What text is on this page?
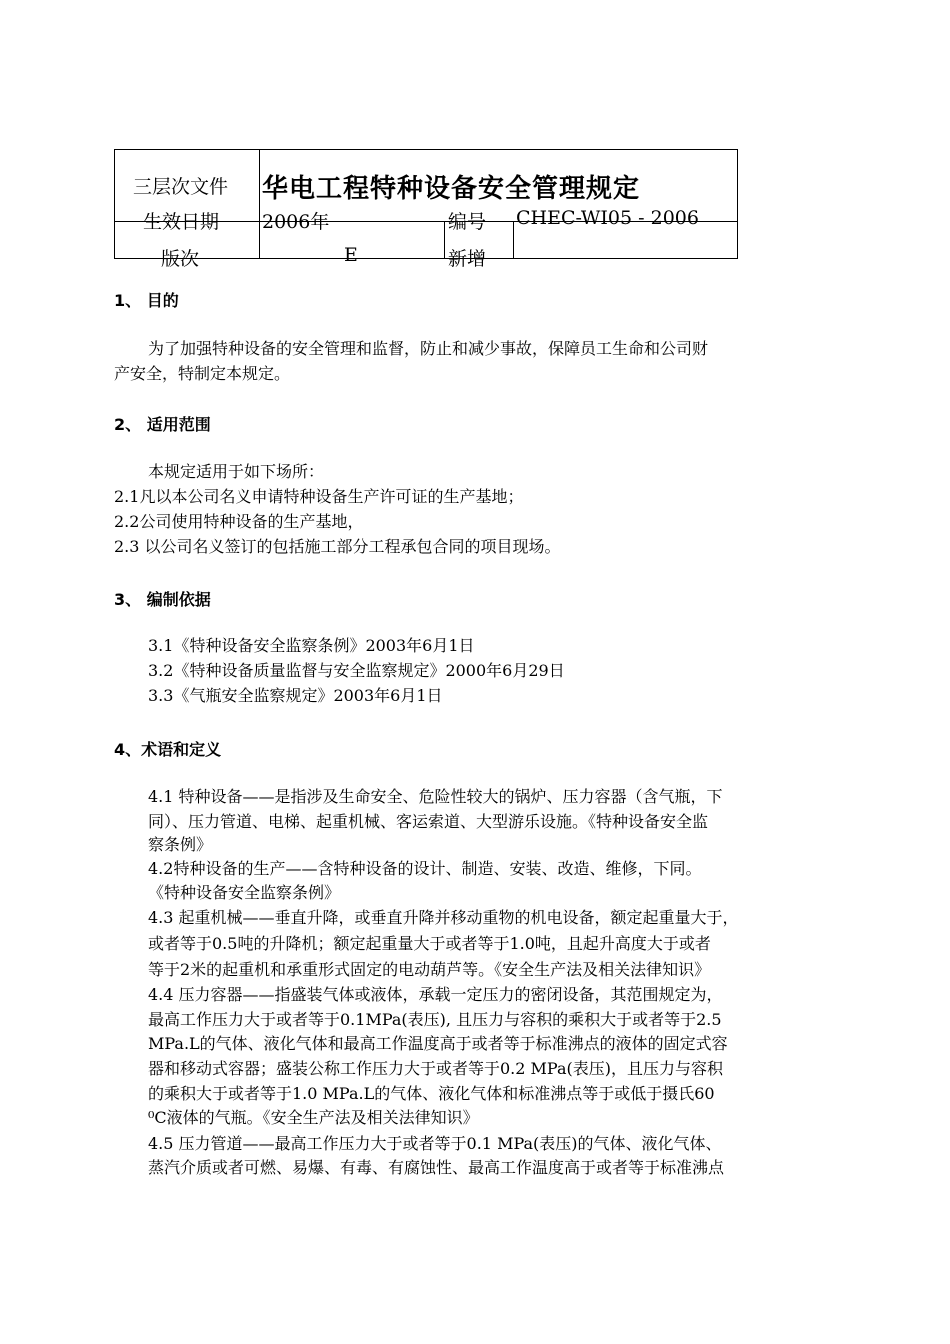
三层次文件 华电工程特种设备安全管理规定
生效日期 2006年	编号 CHEC-WI05 - 2006
版次	E	新增
1、 目的
为了加强特种设备的安全管理和监督，防止和减少事故，保障员工生命和公司财
产安全，特制定本规定。
2、 适用范围
本规定适用于如下场所：
2.1凡以本公司名义申请特种设备生产许可证的生产基地；
2.2公司使用特种设备的生产基地，
2.3 以公司名义签订的包括施工部分工程承包合同的项目现场。
3、 编制依据
3.1《特种设备安全监察条例》2003年6月1日
3.2《特种设备质量监督与安全监察规定》2000年6月29日
3.3《气瓶安全监察规定》2003年6月1日
4、术语和定义
4.1 特种设备——是指涉及生命安全、危险性较大的锅炉、压力容器（含气瓶，下
同）、压力管道、电梯、起重机械、客运索道、大型游乐设施。《特种设备安全监
察条例》
4.2特种设备的生产——含特种设备的设计、制造、安装、改造、维修，下同。
《特种设备安全监察条例》
4.3 起重机械——垂直升降，或垂直升降并移动重物的机电设备，额定起重量大于，
或者等于0.5吨的升降机；额定起重量大于或者等于1.0吨，且起升高度大于或者
等于2米的起重机和承重形式固定的电动葫芦等。《安全生产法及相关法律知识》
4.4 压力容器——指盛装气体或液体，承载一定压力的密闭设备，其范围规定为，
最高工作压力大于或者等于0.1MPa(表压), 且压力与容积的乘积大于或者等于2.5
MPa.L的气体、液化气体和最高工作温度高于或者等于标准沸点的液体的固定式容
器和移动式容器；盛装公称工作压力大于或者等于0.2 MPa(表压)，且压力与容积
的乘积大于或者等于1.0 MPa.L的气体、液化气体和标准沸点等于或低于摄氏60
⁰C液体的气瓶。《安全生产法及相关法律知识》
4.5 压力管道——最高工作压力大于或者等于0.1 MPa(表压)的气体、液化气体、
蒸汽介质或者可燃、易爆、有毒、有腐蚀性、最高工作温度高于或者等于标准沸点
